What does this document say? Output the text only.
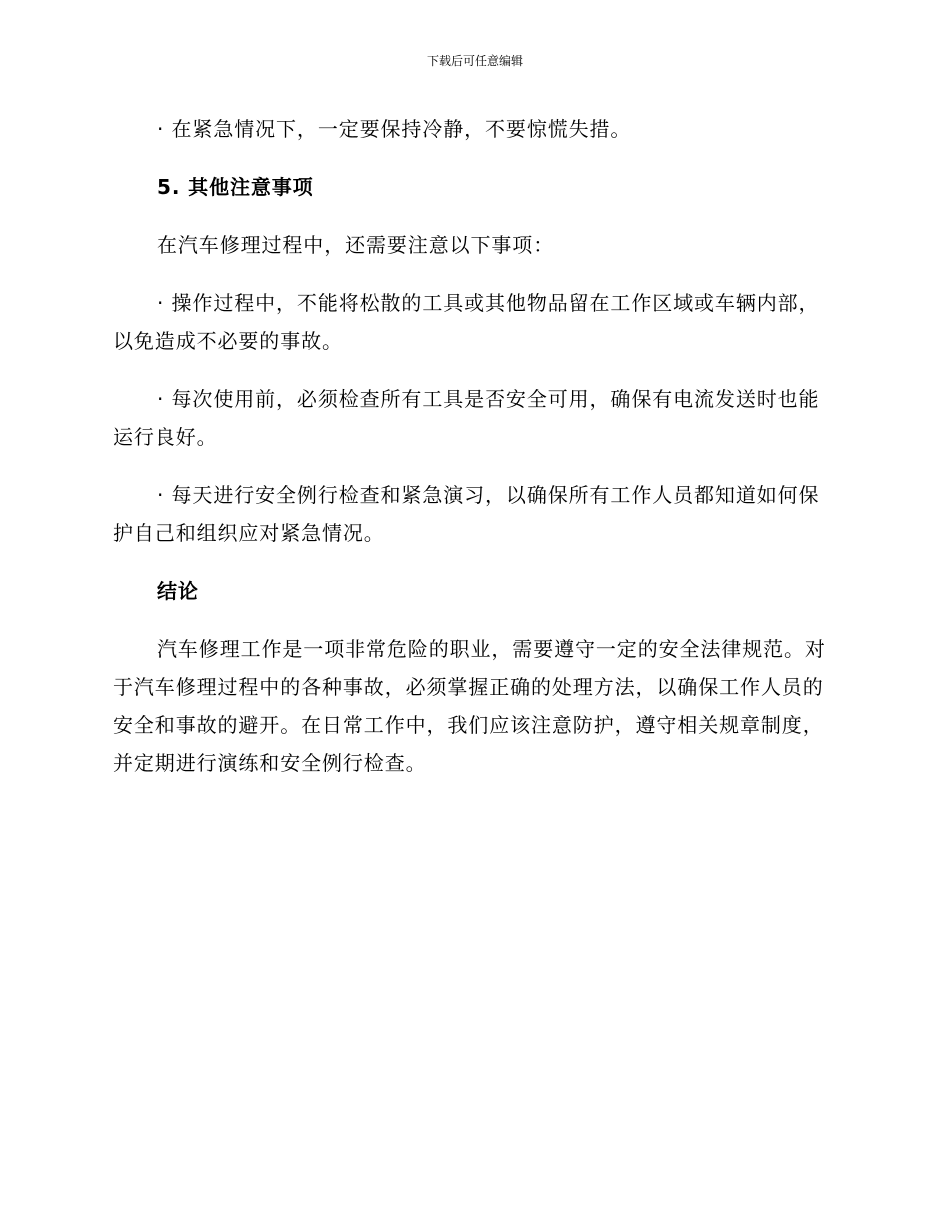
下载后可任意编辑

· 在紧急情况下，一定要保持冷静，不要惊慌失措。

5. 其他注意事项

在汽车修理过程中，还需要注意以下事项：

· 操作过程中，不能将松散的工具或其他物品留在工作区域或车辆内部，以免造成不必要的事故。

· 每次使用前，必须检查所有工具是否安全可用，确保有电流发送时也能运行良好。

· 每天进行安全例行检查和紧急演习，以确保所有工作人员都知道如何保护自己和组织应对紧急情况。

结论

汽车修理工作是一项非常危险的职业，需要遵守一定的安全法律规范。对于汽车修理过程中的各种事故，必须掌握正确的处理方法，以确保工作人员的安全和事故的避开。在日常工作中，我们应该注意防护，遵守相关规章制度，并定期进行演练和安全例行检查。
